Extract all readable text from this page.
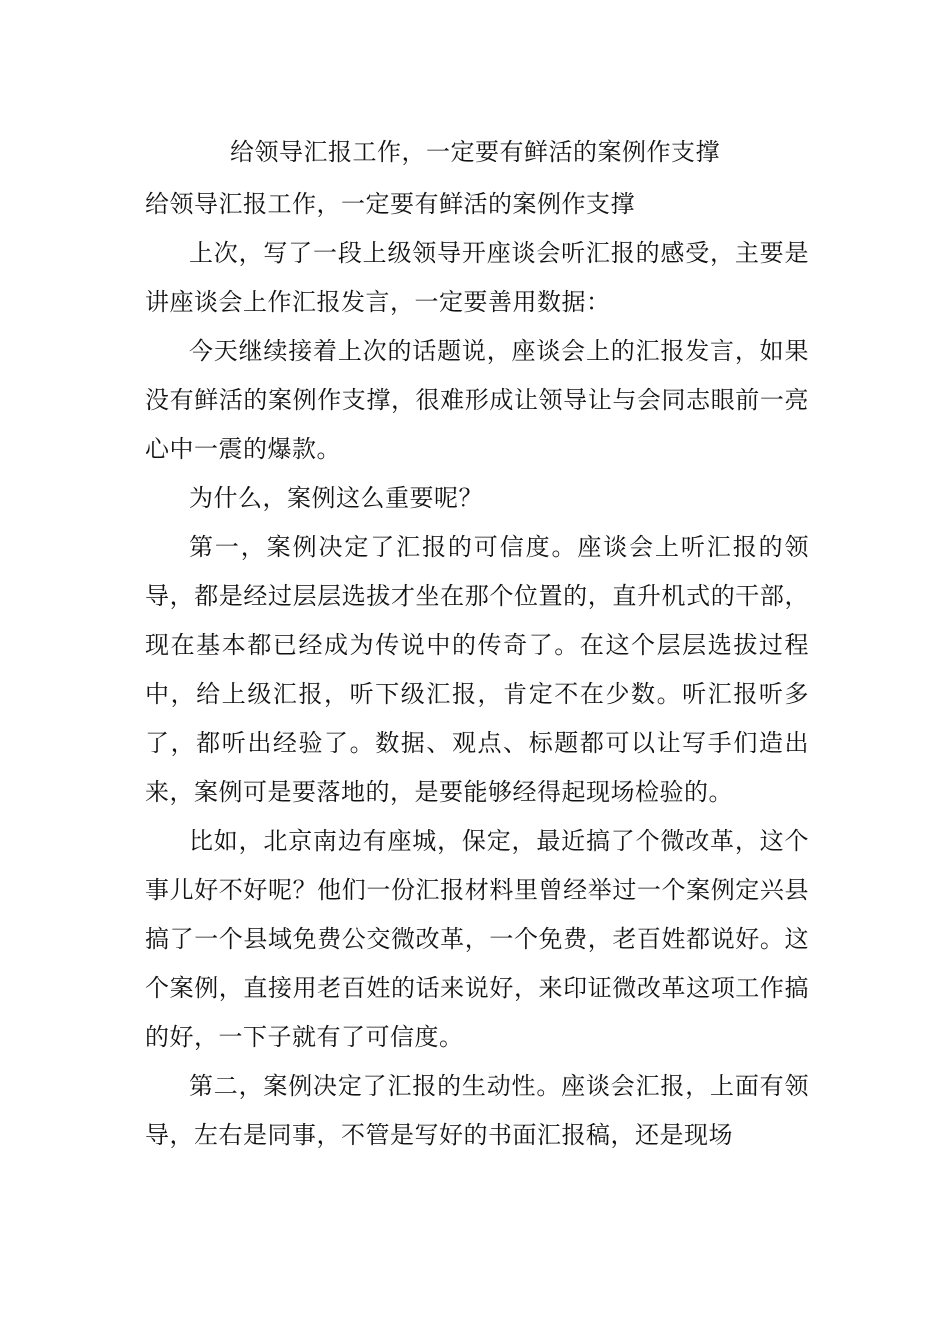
给领导汇报工作，一定要有鲜活的案例作支撑

给领导汇报工作，一定要有鲜活的案例作支撑

上次，写了一段上级领导开座谈会听汇报的感受，主要是讲座谈会上作汇报发言，一定要善用数据：

今天继续接着上次的话题说，座谈会上的汇报发言，如果没有鲜活的案例作支撑，很难形成让领导让与会同志眼前一亮心中一震的爆款。

为什么，案例这么重要呢？

第一，案例决定了汇报的可信度。座谈会上听汇报的领导，都是经过层层选拔才坐在那个位置的，直升机式的干部，现在基本都已经成为传说中的传奇了。在这个层层选拔过程中，给上级汇报，听下级汇报，肯定不在少数。听汇报听多了，都听出经验了。数据、观点、标题都可以让写手们造出来，案例可是要落地的，是要能够经得起现场检验的。

比如，北京南边有座城，保定，最近搞了个微改革，这个事儿好不好呢？他们一份汇报材料里曾经举过一个案例定兴县搞了一个县域免费公交微改革，一个免费，老百姓都说好。这个案例，直接用老百姓的话来说好，来印证微改革这项工作搞的好，一下子就有了可信度。

第二，案例决定了汇报的生动性。座谈会汇报，上面有领导，左右是同事，不管是写好的书面汇报稿，还是现场
